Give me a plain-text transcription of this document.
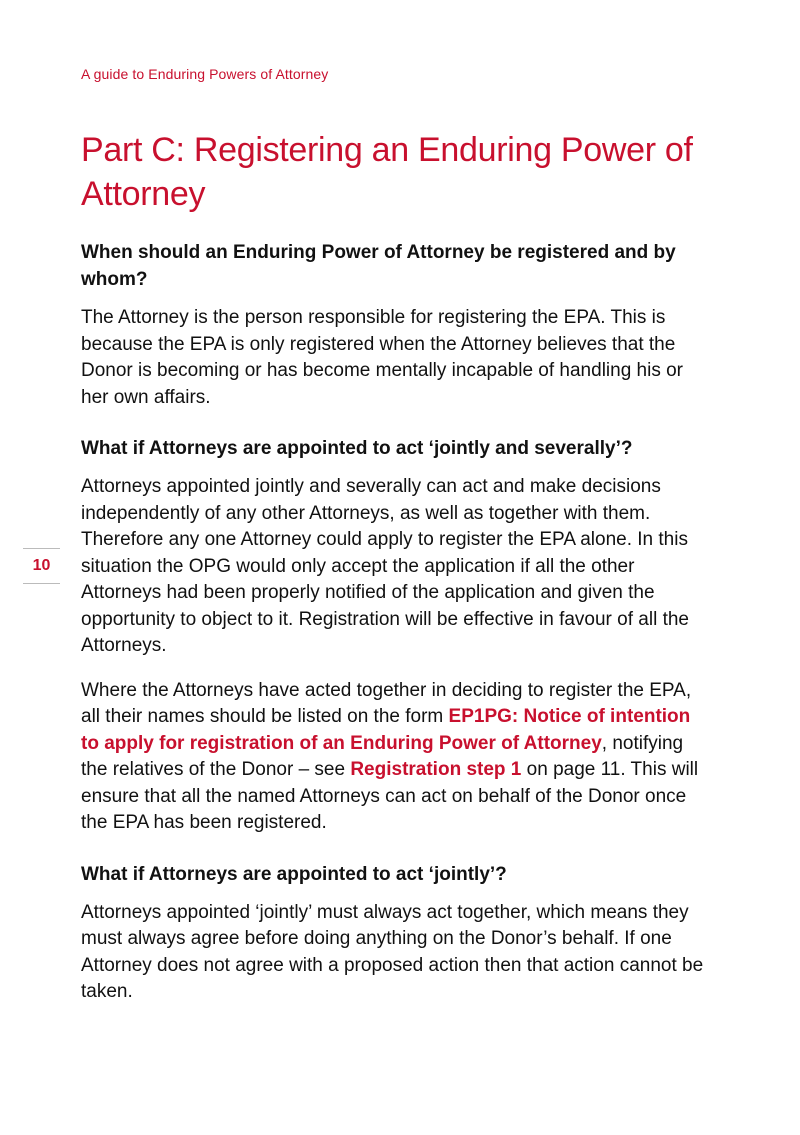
A guide to Enduring Powers of Attorney
Part C: Registering an Enduring Power of Attorney
10
When should an Enduring Power of Attorney be registered and by whom?

The Attorney is the person responsible for registering the EPA. This is because the EPA is only registered when the Attorney believes that the Donor is becoming or has become mentally incapable of handling his or her own affairs.

What if Attorneys are appointed to act ‘jointly and severally’?

Attorneys appointed jointly and severally can act and make decisions independently of any other Attorneys, as well as together with them. Therefore any one Attorney could apply to register the EPA alone. In this situation the OPG would only accept the application if all the other Attorneys had been properly notified of the application and given the opportunity to object to it. Registration will be effective in favour of all the Attorneys.

Where the Attorneys have acted together in deciding to register the EPA, all their names should be listed on the form EP1PG: Notice of intention to apply for registration of an Enduring Power of Attorney, notifying the relatives of the Donor – see Registration step 1 on page 11. This will ensure that all the named Attorneys can act on behalf of the Donor once the EPA has been registered.

What if Attorneys are appointed to act ‘jointly’?

Attorneys appointed ‘jointly’ must always act together, which means they must always agree before doing anything on the Donor’s behalf. If one Attorney does not agree with a proposed action then that action cannot be taken.
